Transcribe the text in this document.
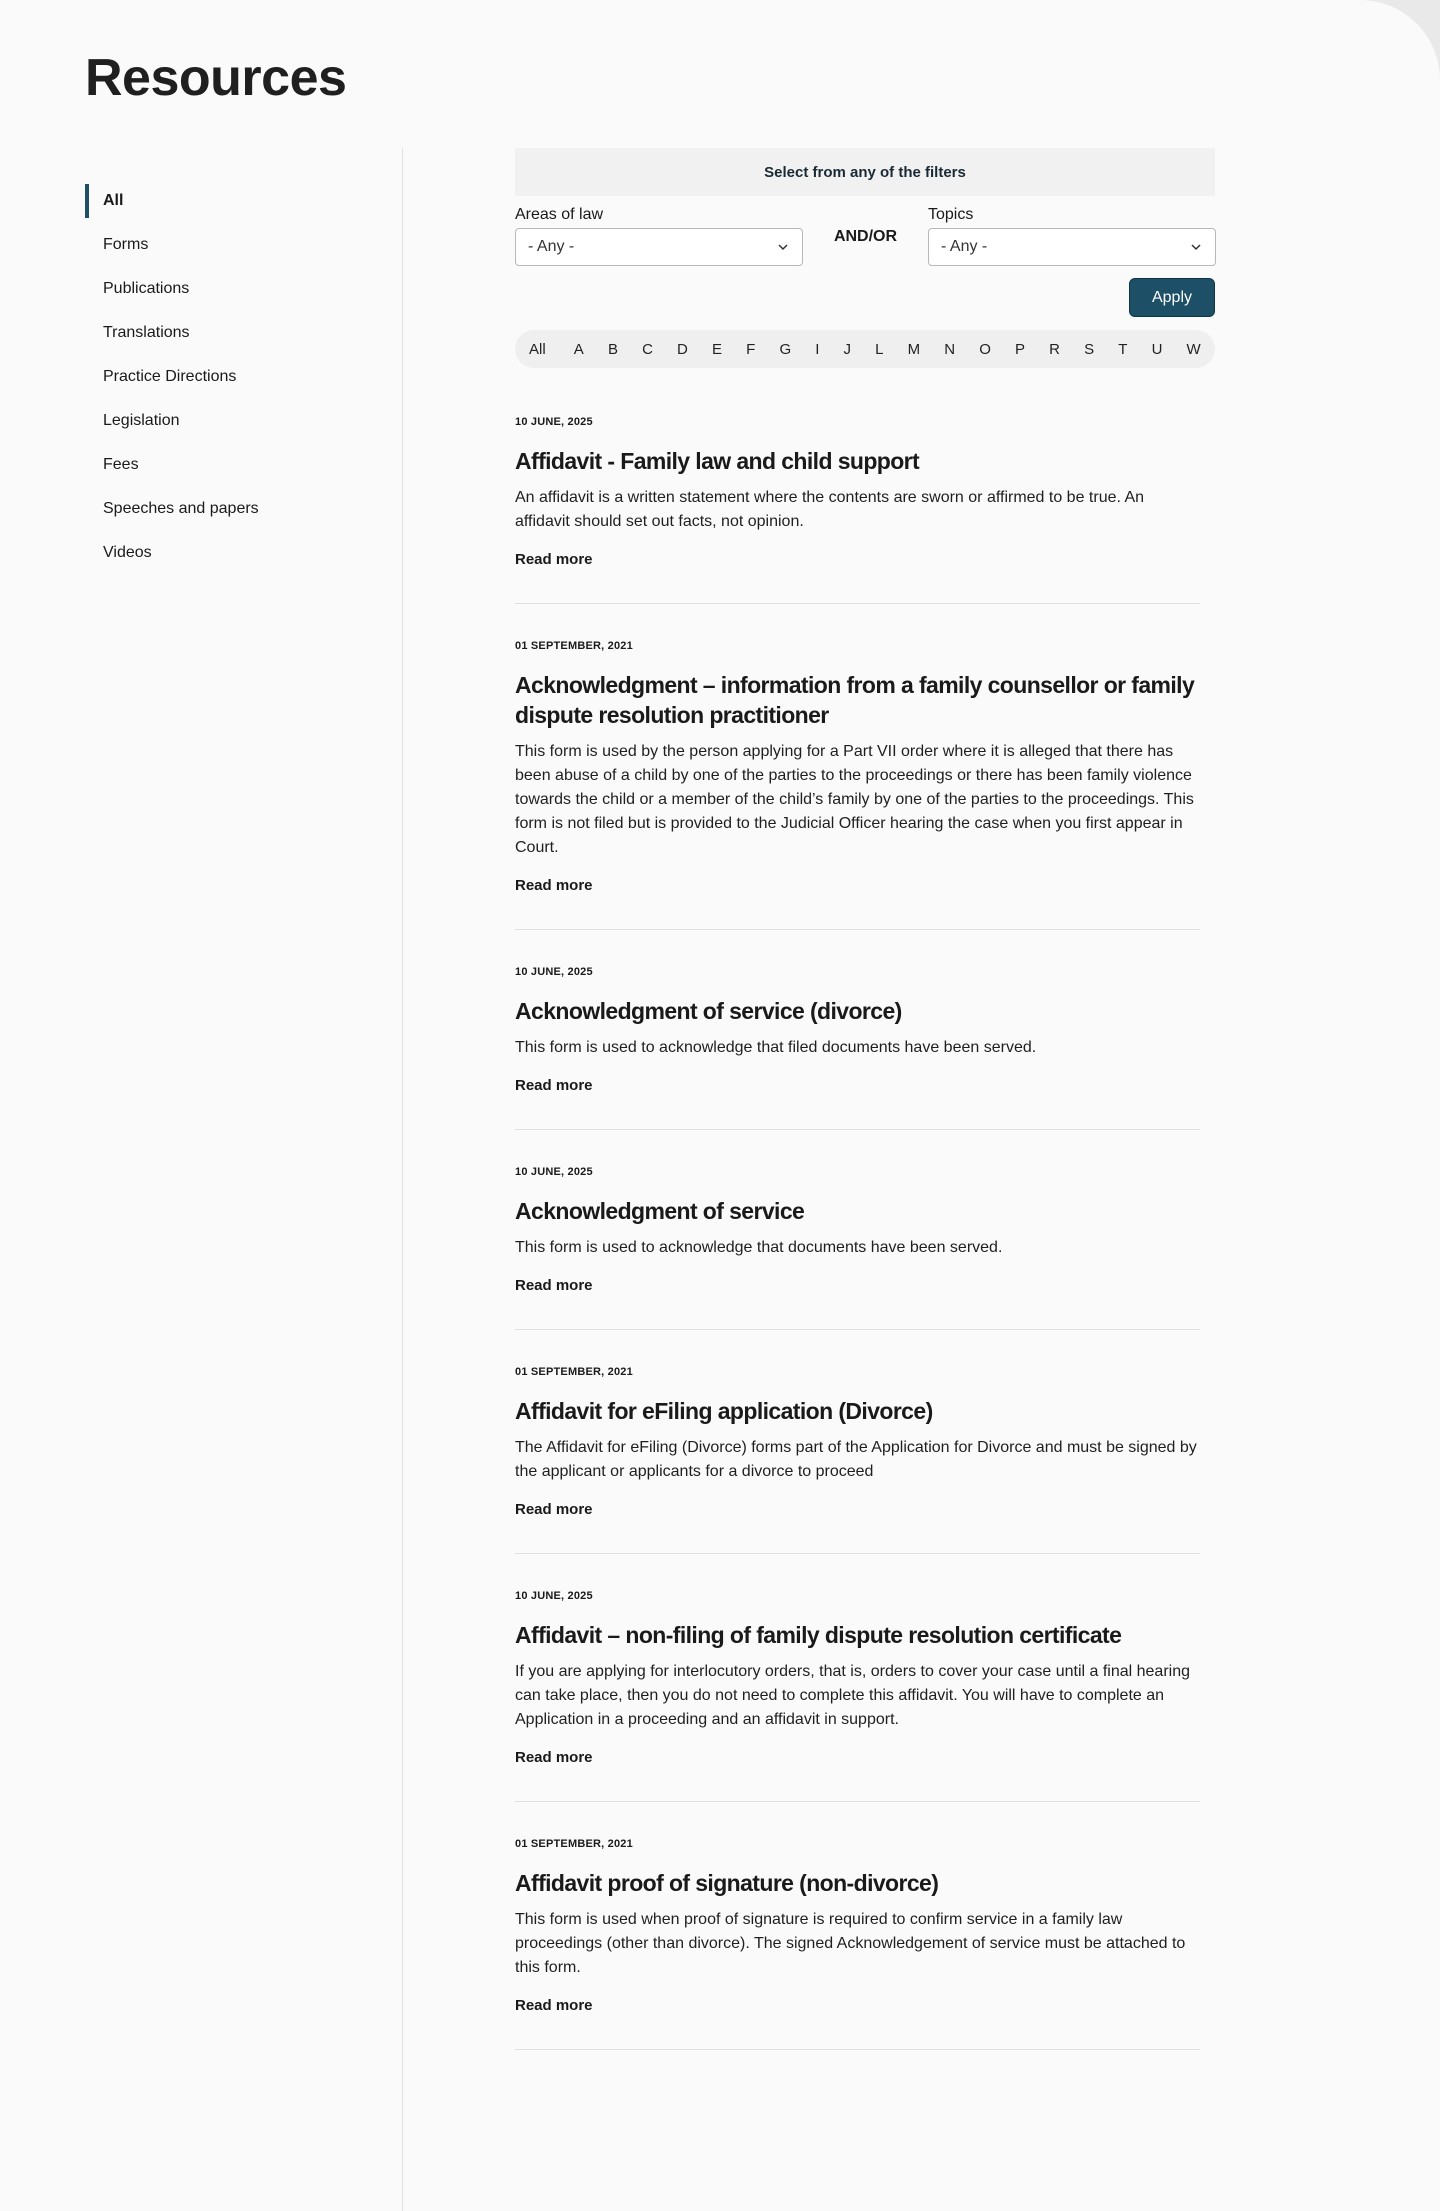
Resources
All
Forms
Publications
Translations
Practice Directions
Legislation
Fees
Speeches and papers
Videos
Select from any of the filters
Areas of law
- Any -
AND/OR
Topics
- Any -
Apply
All A B C D E F G I J L M N O P R S T U W
10 JUNE, 2025
Affidavit - Family law and child support

An affidavit is a written statement where the contents are sworn or affirmed to be true. An affidavit should set out facts, not opinion.

Read more
01 SEPTEMBER, 2021
Acknowledgment – information from a family counsellor or family dispute resolution practitioner

This form is used by the person applying for a Part VII order where it is alleged that there has been abuse of a child by one of the parties to the proceedings or there has been family violence towards the child or a member of the child’s family by one of the parties to the proceedings. This form is not filed but is provided to the Judicial Officer hearing the case when you first appear in Court.

Read more
10 JUNE, 2025
Acknowledgment of service (divorce)

This form is used to acknowledge that filed documents have been served.

Read more
10 JUNE, 2025
Acknowledgment of service

This form is used to acknowledge that documents have been served.

Read more
01 SEPTEMBER, 2021
Affidavit for eFiling application (Divorce)

The Affidavit for eFiling (Divorce) forms part of the Application for Divorce and must be signed by the applicant or applicants for a divorce to proceed

Read more
10 JUNE, 2025
Affidavit – non-filing of family dispute resolution certificate

If you are applying for interlocutory orders, that is, orders to cover your case until a final hearing can take place, then you do not need to complete this affidavit. You will have to complete an Application in a proceeding and an affidavit in support.

Read more
01 SEPTEMBER, 2021
Affidavit proof of signature (non-divorce)

This form is used when proof of signature is required to confirm service in a family law proceedings (other than divorce). The signed Acknowledgement of service must be attached to this form.

Read more
